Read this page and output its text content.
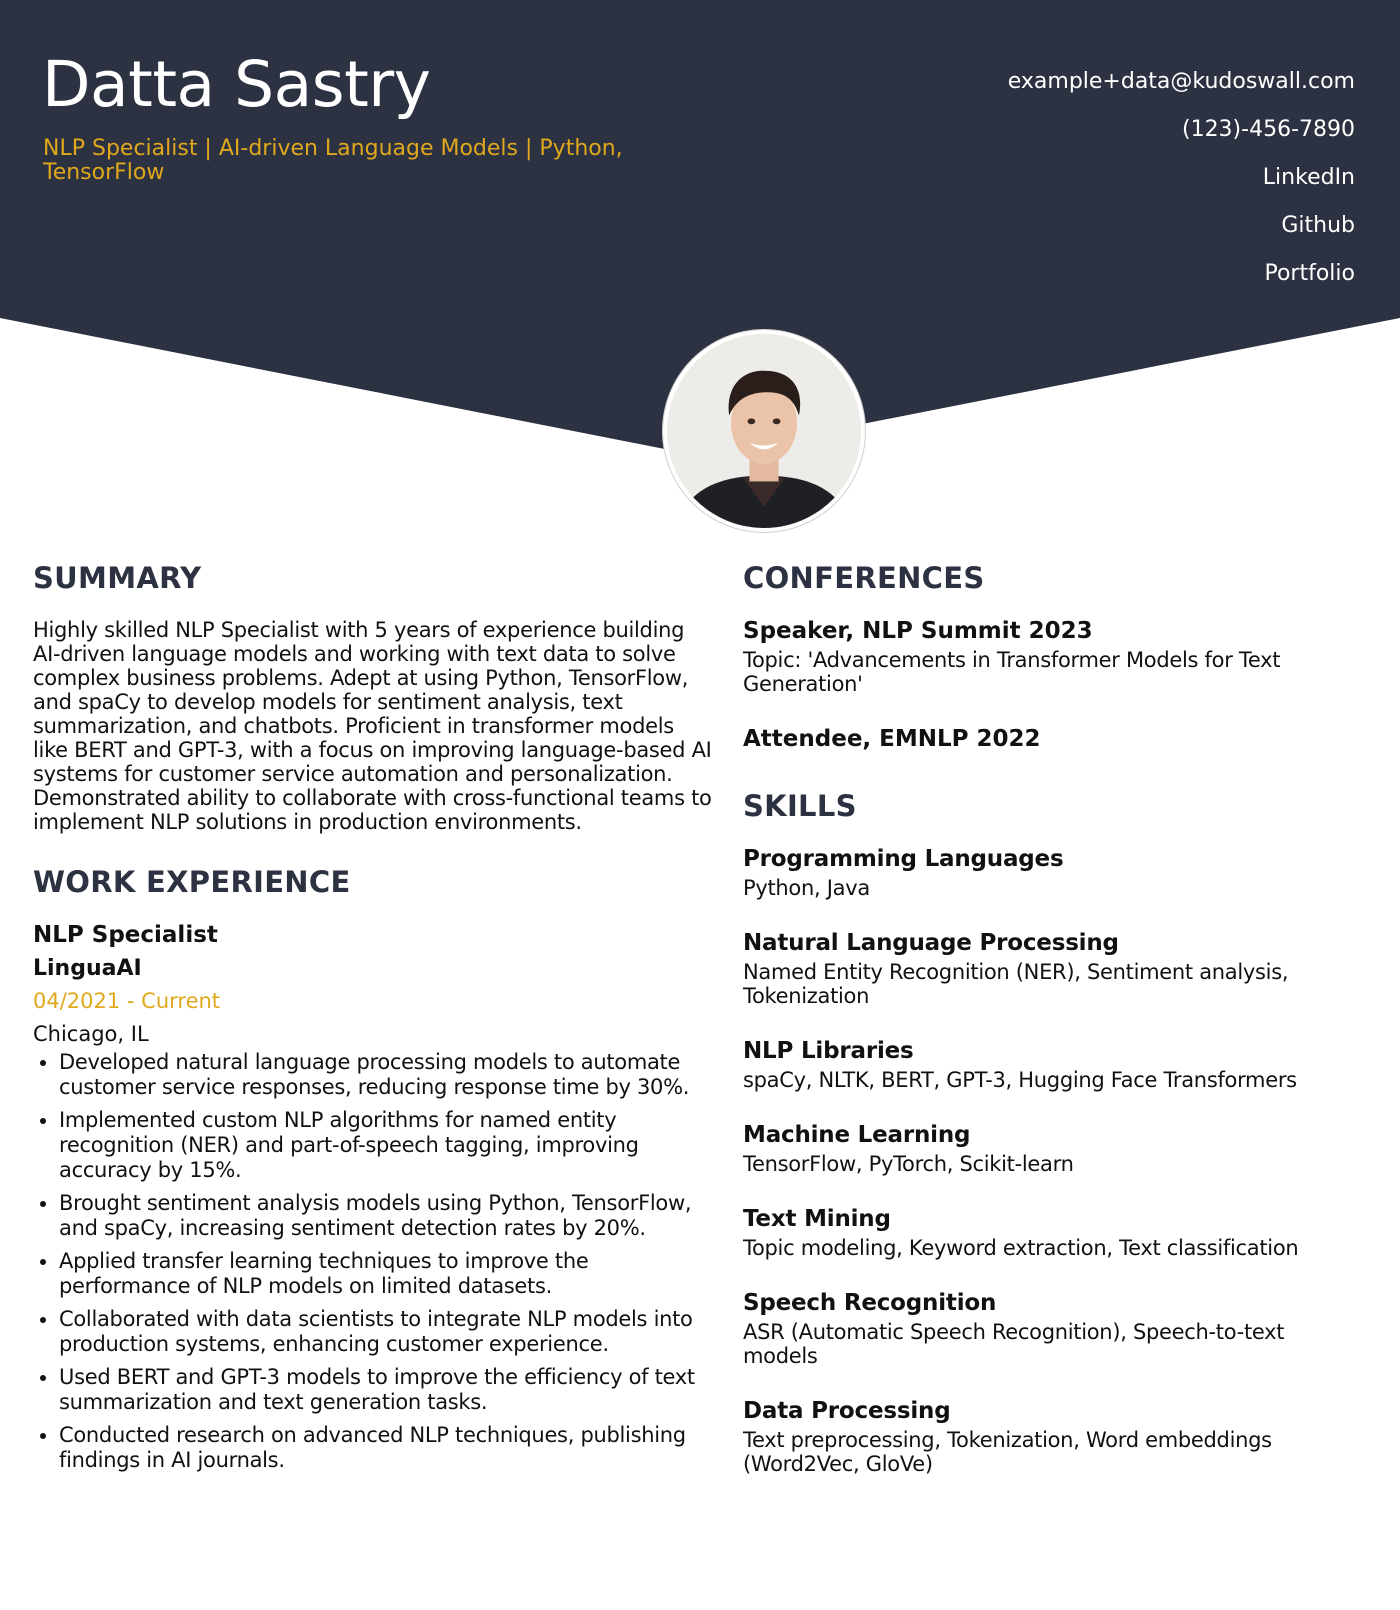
Datta Sastry
NLP Specialist | AI-driven Language Models | Python, TensorFlow
example+data@kudoswall.com
(123)-456-7890
LinkedIn
Github
Portfolio
SUMMARY

Highly skilled NLP Specialist with 5 years of experience building AI-driven language models and working with text data to solve complex business problems. Adept at using Python, TensorFlow, and spaCy to develop models for sentiment analysis, text summarization, and chatbots. Proficient in transformer models like BERT and GPT-3, with a focus on improving language-based AI systems for customer service automation and personalization. Demonstrated ability to collaborate with cross-functional teams to implement NLP solutions in production environments.

WORK EXPERIENCE

NLP Specialist

LinguaAI

04/2021 - Current

Chicago, IL

• Developed natural language processing models to automate customer service responses, reducing response time by 30%.
• Implemented custom NLP algorithms for named entity recognition (NER) and part-of-speech tagging, improving accuracy by 15%.
• Brought sentiment analysis models using Python, TensorFlow, and spaCy, increasing sentiment detection rates by 20%.
• Applied transfer learning techniques to improve the performance of NLP models on limited datasets.
• Collaborated with data scientists to integrate NLP models into production systems, enhancing customer experience.
• Used BERT and GPT-3 models to improve the efficiency of text summarization and text generation tasks.
• Conducted research on advanced NLP techniques, publishing findings in AI journals.
CONFERENCES

Speaker, NLP Summit 2023

Topic: 'Advancements in Transformer Models for Text Generation'

Attendee, EMNLP 2022

SKILLS

Programming Languages

Python, Java

Natural Language Processing

Named Entity Recognition (NER), Sentiment analysis, Tokenization

NLP Libraries

spaCy, NLTK, BERT, GPT-3, Hugging Face Transformers

Machine Learning

TensorFlow, PyTorch, Scikit-learn

Text Mining

Topic modeling, Keyword extraction, Text classification

Speech Recognition

ASR (Automatic Speech Recognition), Speech-to-text models

Data Processing

Text preprocessing, Tokenization, Word embeddings (Word2Vec, GloVe)
